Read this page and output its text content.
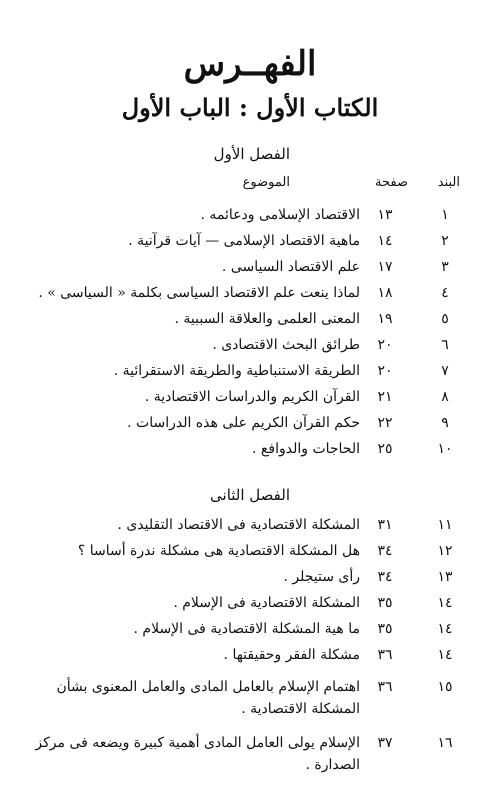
الفهــرس
الكتاب الأول : الباب الأول
الفصل الأول
البند
صفحة
الموضوع
١
١٣
الاقتصاد الإسلامى ودعائمه .
٢
١٤
ماهية الاقتصاد الإسلامى — آيات قرآنية .
٣
١٧
علم الاقتصاد السياسى .
٤
١٨
لماذا ينعت علم الاقتصاد السياسى بكلمة « السياسى » .
٥
١٩
المعنى العلمى والعلاقة السببية .
٦
٢٠
طرائق البحث الاقتصادى .
٧
٢٠
الطريقة الاستنباطية والطريقة الاستقرائية .
٨
٢١
القرآن الكريم والدراسات الاقتصادية .
٩
٢٢
حكم القرآن الكريم على هذه الدراسات .
١٠
٢٥
الحاجات والدوافع .
الفصل الثانى
١١
٣١
المشكلة الاقتصادية فى الاقتصاد التقليدى .
١٢
٣٤
هل المشكلة الاقتصادية هى مشكلة ندرة أساسا ؟
١٣
٣٤
رأى ستيجلر .
١٤
٣٥
المشكلة الاقتصادية فى الإسلام .
١٤
٣٥
ما هية المشكلة الاقتصادية فى الإسلام .
١٤
٣٦
مشكلة الفقر وحقيقتها .
١٥
٣٦
اهتمام الإسلام بالعامل المادى والعامل المعنوى بشأن المشكلة الاقتصادية .
١٦
٣٧
الإسلام يولى العامل المادى أهمية كبيرة ويضعه فى مركز الصدارة .
